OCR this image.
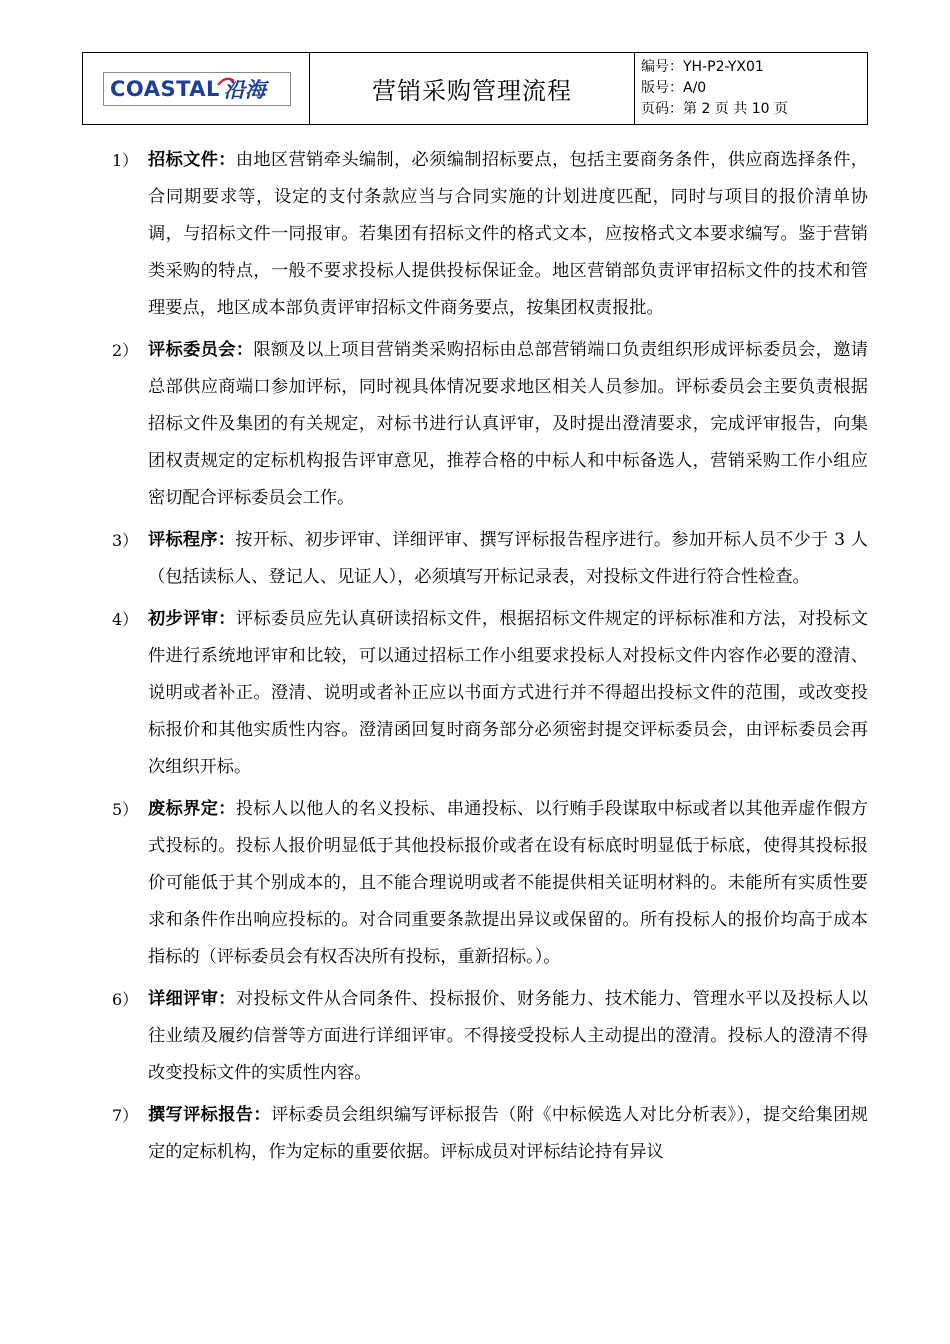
COASTAL 沿海	营销采购管理流程
编号：YH-P2-YX01
版号：A/0
页码：第 2 页 共 10 页
1） 招标文件：由地区营销牵头编制，必须编制招标要点，包括主要商务条件，供应商选择条件，合同期要求等，设定的支付条款应当与合同实施的计划进度匹配，同时与项目的报价清单协调，与招标文件一同报审。若集团有招标文件的格式文本，应按格式文本要求编写。鉴于营销类采购的特点，一般不要求投标人提供投标保证金。地区营销部负责评审招标文件的技术和管理要点，地区成本部负责评审招标文件商务要点，按集团权责报批。
2） 评标委员会：限额及以上项目营销类采购招标由总部营销端口负责组织形成评标委员会，邀请总部供应商端口参加评标，同时视具体情况要求地区相关人员参加。评标委员会主要负责根据招标文件及集团的有关规定，对标书进行认真评审，及时提出澄清要求，完成评审报告，向集团权责规定的定标机构报告评审意见，推荐合格的中标人和中标备选人，营销采购工作小组应密切配合评标委员会工作。
3） 评标程序：按开标、初步评审、详细评审、撰写评标报告程序进行。参加开标人员不少于 3 人（包括读标人、登记人、见证人），必须填写开标记录表，对投标文件进行符合性检查。
4） 初步评审：评标委员应先认真研读招标文件，根据招标文件规定的评标标准和方法，对投标文件进行系统地评审和比较，可以通过招标工作小组要求投标人对投标文件内容作必要的澄清、说明或者补正。澄清、说明或者补正应以书面方式进行并不得超出投标文件的范围，或改变投标报价和其他实质性内容。澄清函回复时商务部分必须密封提交评标委员会，由评标委员会再次组织开标。
5） 废标界定：投标人以他人的名义投标、串通投标、以行贿手段谋取中标或者以其他弄虚作假方式投标的。投标人报价明显低于其他投标报价或者在设有标底时明显低于标底，使得其投标报价可能低于其个别成本的，且不能合理说明或者不能提供相关证明材料的。未能所有实质性要求和条件作出响应投标的。对合同重要条款提出异议或保留的。所有投标人的报价均高于成本指标的（评标委员会有权否决所有投标，重新招标。）。
6） 详细评审：对投标文件从合同条件、投标报价、财务能力、技术能力、管理水平以及投标人以往业绩及履约信誉等方面进行详细评审。不得接受投标人主动提出的澄清。投标人的澄清不得改变投标文件的实质性内容。
7） 撰写评标报告：评标委员会组织编写评标报告（附《中标候选人对比分析表》），提交给集团规定的定标机构，作为定标的重要依据。评标成员对评标结论持有异议
